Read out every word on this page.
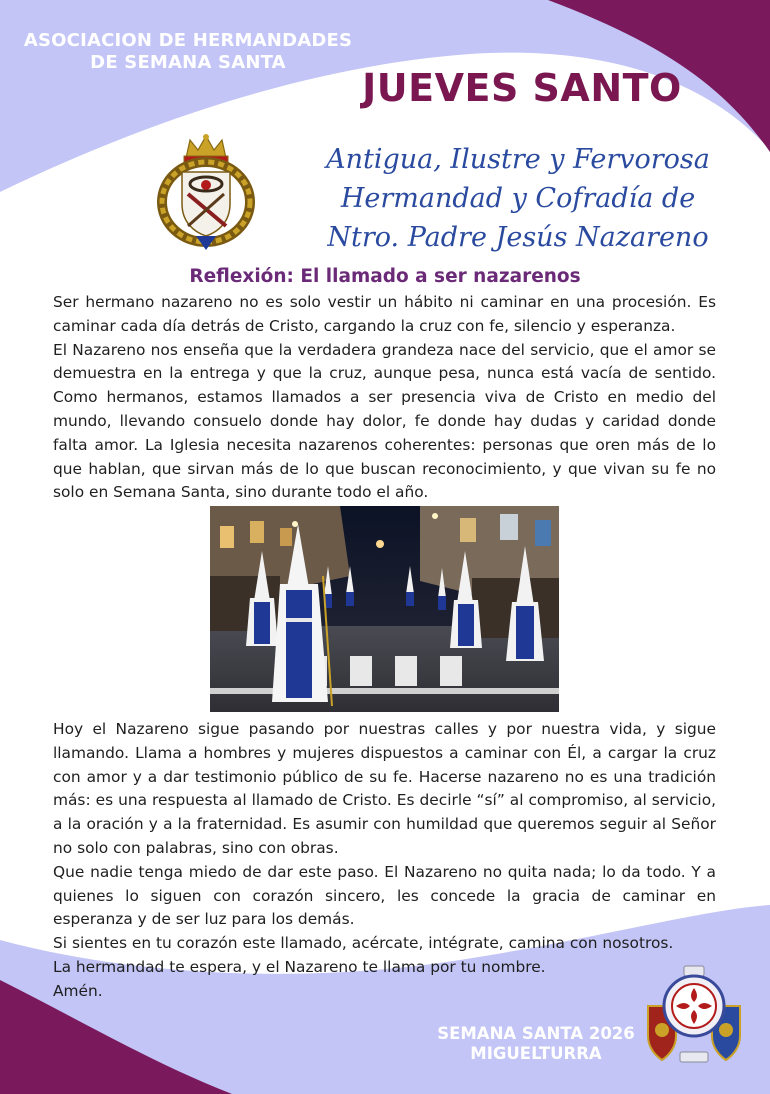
ASOCIACION DE HERMANDADES
DE SEMANA SANTA
JUEVES SANTO
Antigua, Ilustre y Fervorosa
Hermandad y Cofradía de
Ntro. Padre Jesús Nazareno
Reflexión: El llamado a ser nazarenos

Ser hermano nazareno no es solo vestir un hábito ni caminar en una procesión. Es caminar cada día detrás de Cristo, cargando la cruz con fe, silencio y esperanza.

El Nazareno nos enseña que la verdadera grandeza nace del servicio, que el amor se demuestra en la entrega y que la cruz, aunque pesa, nunca está vacía de sentido. Como hermanos, estamos llamados a ser presencia viva de Cristo en medio del mundo, llevando consuelo donde hay dolor, fe donde hay dudas y caridad donde falta amor. La Iglesia necesita nazarenos coherentes: personas que oren más de lo que hablan, que sirvan más de lo que buscan reconocimiento, y que vivan su fe no solo en Semana Santa, sino durante todo el año.

Hoy el Nazareno sigue pasando por nuestras calles y por nuestra vida, y sigue llamando. Llama a hombres y mujeres dispuestos a caminar con Él, a cargar la cruz con amor y a dar testimonio público de su fe. Hacerse nazareno no es una tradición más: es una respuesta al llamado de Cristo. Es decirle “sí” al compromiso, al servicio, a la oración y a la fraternidad. Es asumir con humildad que queremos seguir al Señor no solo con palabras, sino con obras.

Que nadie tenga miedo de dar este paso. El Nazareno no quita nada; lo da todo. Y a quienes lo siguen con corazón sincero, les concede la gracia de caminar en esperanza y de ser luz para los demás.

Si sientes en tu corazón este llamado, acércate, intégrate, camina con nosotros.

La hermandad te espera, y el Nazareno te llama por tu nombre.

Amén.

SEMANA SANTA 2026
MIGUELTURRA
